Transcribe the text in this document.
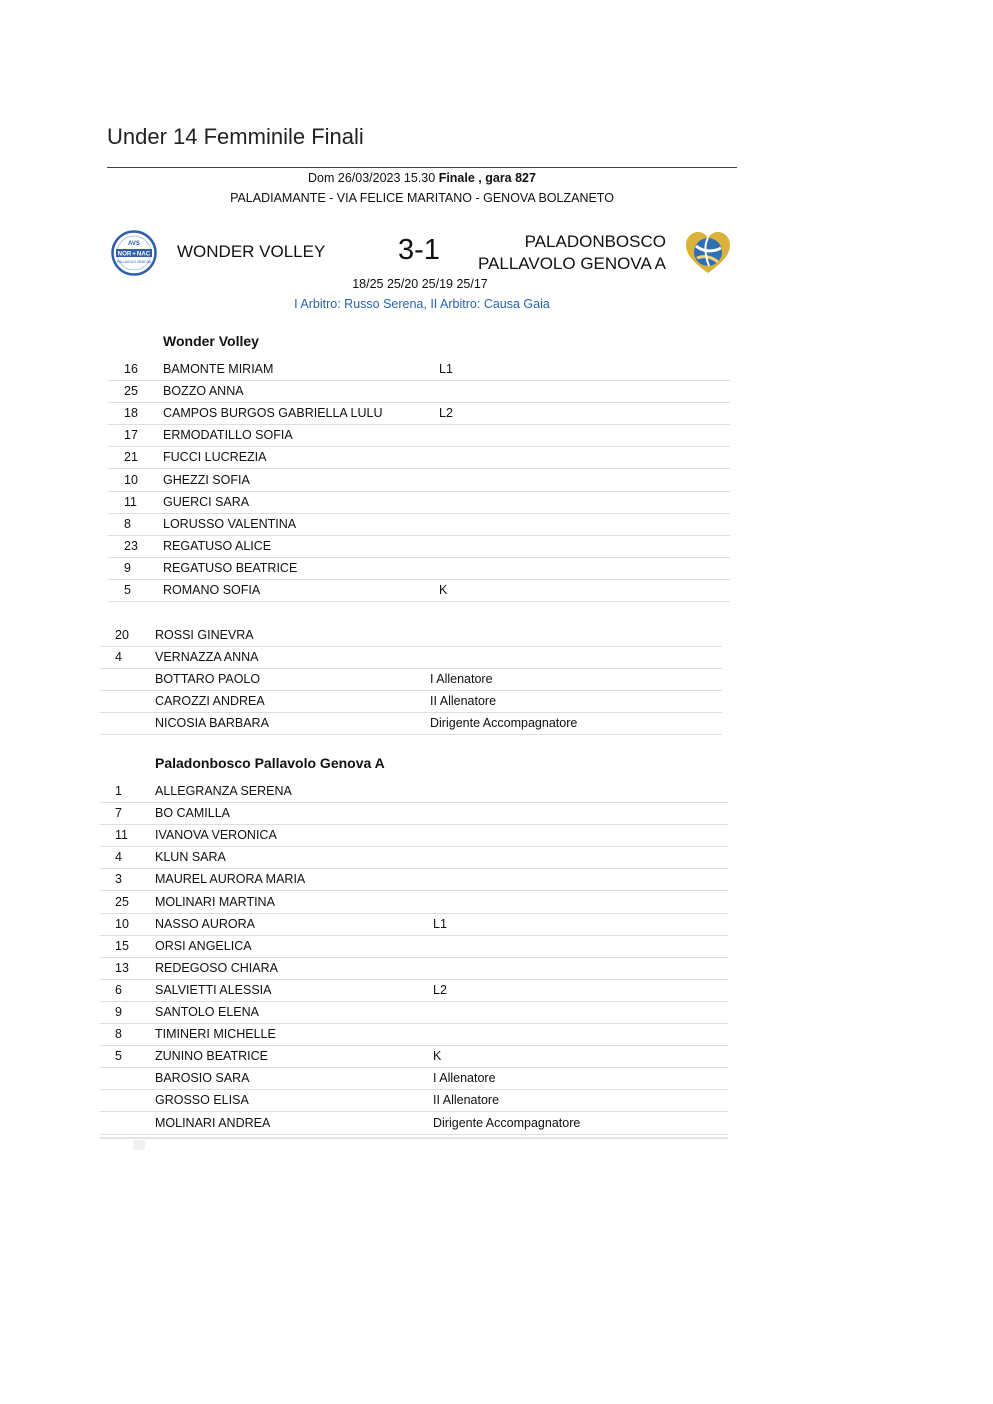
Under 14 Femminile Finali
Dom 26/03/2023 15.30 Finale , gara 827
PALADIAMANTE - VIA FELICE MARITANO - GENOVA BOLZANETO
AVS
NOR + NAC
PALLAVOLO GENOVA
WONDER VOLLEY	3-1	PALADONBOSCO
PALLAVOLO GENOVA A
18/25 25/20 25/19 25/17
I Arbitro: Russo Serena, II Arbitro: Causa Gaia
Wonder Volley
Paladonbosco Pallavolo Genova A
16 BAMONTE MIRIAM	L1
25 BOZZO ANNA
18 CAMPOS BURGOS GABRIELLA LULU	L2
17 ERMODATILLO SOFIA
21 FUCCI LUCREZIA
10 GHEZZI SOFIA
11 GUERCI SARA
8	LORUSSO VALENTINA
23 REGATUSO ALICE
9	REGATUSO BEATRICE
5	ROMANO SOFIA	K
20 ROSSI GINEVRA
4	VERNAZZA ANNA
BOTTARO PAOLO	I Allenatore
CAROZZI ANDREA	II Allenatore
NICOSIA BARBARA	Dirigente Accompagnatore
1	ALLEGRANZA SERENA
7	BO CAMILLA
11 IVANOVA VERONICA
4	KLUN SARA
3	MAUREL AURORA MARIA
25 MOLINARI MARTINA
10 NASSO AURORA	L1
15 ORSI ANGELICA
13 REDEGOSO CHIARA
6	SALVIETTI ALESSIA	L2
9	SANTOLO ELENA
8	TIMINERI MICHELLE
5	ZUNINO BEATRICE	K
BAROSIO SARA	I Allenatore
GROSSO ELISA	II Allenatore
MOLINARI ANDREA	Dirigente Accompagnatore
